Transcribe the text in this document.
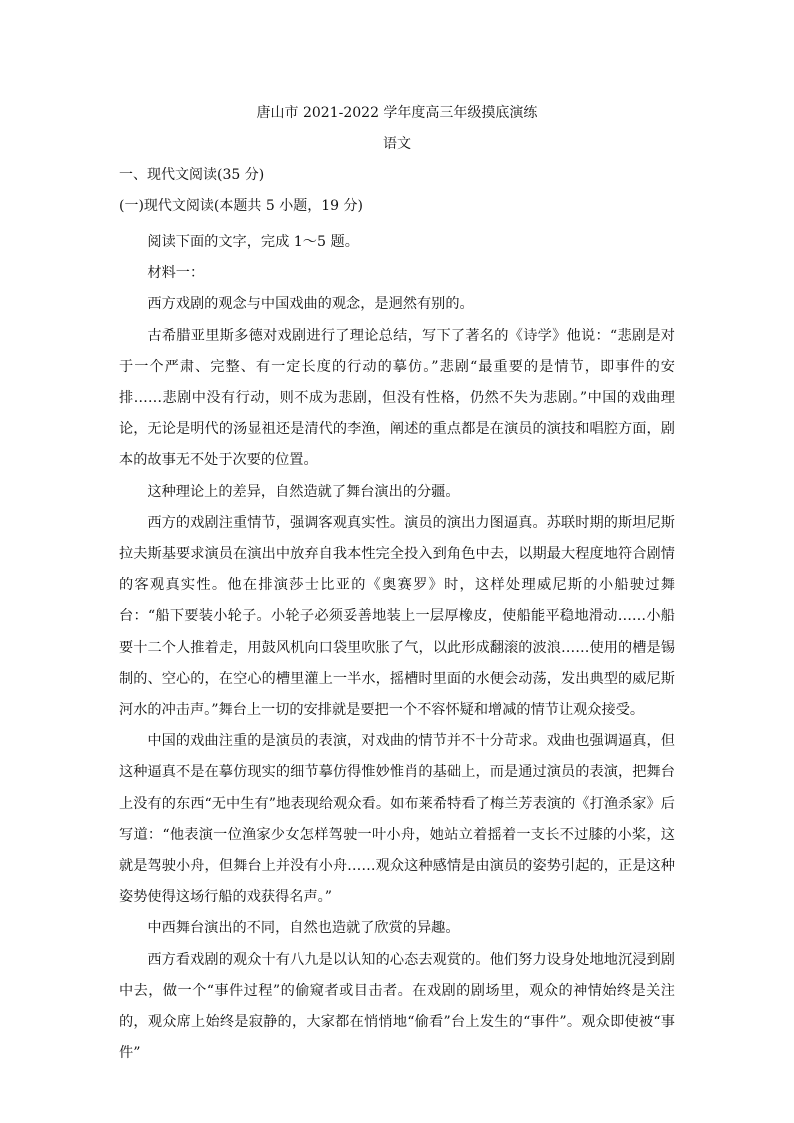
唐山市 2021-2022 学年度高三年级摸底演练
语文
一、现代文阅读(35 分)
(一)现代文阅读(本题共 5 小题，19 分)

阅读下面的文字，完成 1～5 题。

材料一：

西方戏剧的观念与中国戏曲的观念，是迥然有别的。

古希腊亚里斯多德对戏剧进行了理论总结，写下了著名的《诗学》他说：“悲剧是对于一个严肃、完整、有一定长度的行动的摹仿。”悲剧“最重要的是情节，即事件的安排……悲剧中没有行动，则不成为悲剧，但没有性格，仍然不失为悲剧。”中国的戏曲理论，无论是明代的汤显祖还是清代的李渔，阐述的重点都是在演员的演技和唱腔方面，剧本的故事无不处于次要的位置。

这种理论上的差异，自然造就了舞台演出的分疆。

西方的戏剧注重情节，强调客观真实性。演员的演出力图逼真。苏联时期的斯坦尼斯拉夫斯基要求演员在演出中放弃自我本性完全投入到角色中去，以期最大程度地符合剧情的客观真实性。他在排演莎士比亚的《奥赛罗》时，这样处理威尼斯的小船驶过舞台：“船下要装小轮子。小轮子必须妥善地装上一层厚橡皮，使船能平稳地滑动……小船要十二个人推着走，用鼓风机向口袋里吹胀了气，以此形成翻滚的波浪……使用的槽是锡制的、空心的，在空心的槽里灌上一半水，摇槽时里面的水便会动荡，发出典型的威尼斯河水的冲击声。”舞台上一切的安排就是要把一个不容怀疑和增减的情节让观众接受。

中国的戏曲注重的是演员的表演，对戏曲的情节并不十分苛求。戏曲也强调逼真，但这种逼真不是在摹仿现实的细节摹仿得惟妙惟肖的基础上，而是通过演员的表演，把舞台上没有的东西“无中生有”地表现给观众看。如布莱希特看了梅兰芳表演的《打渔杀家》后写道：“他表演一位渔家少女怎样驾驶一叶小舟，她站立着摇着一支长不过膝的小桨，这就是驾驶小舟，但舞台上并没有小舟……观众这种感情是由演员的姿势引起的，正是这种姿势使得这场行船的戏获得名声。”

中西舞台演出的不同，自然也造就了欣赏的异趣。

西方看戏剧的观众十有八九是以认知的心态去观赏的。他们努力设身处地地沉浸到剧中去，做一个“事件过程”的偷窥者或目击者。在戏剧的剧场里，观众的神情始终是关注的，观众席上始终是寂静的，大家都在悄悄地“偷看”台上发生的“事件”。观众即使被“事件”
